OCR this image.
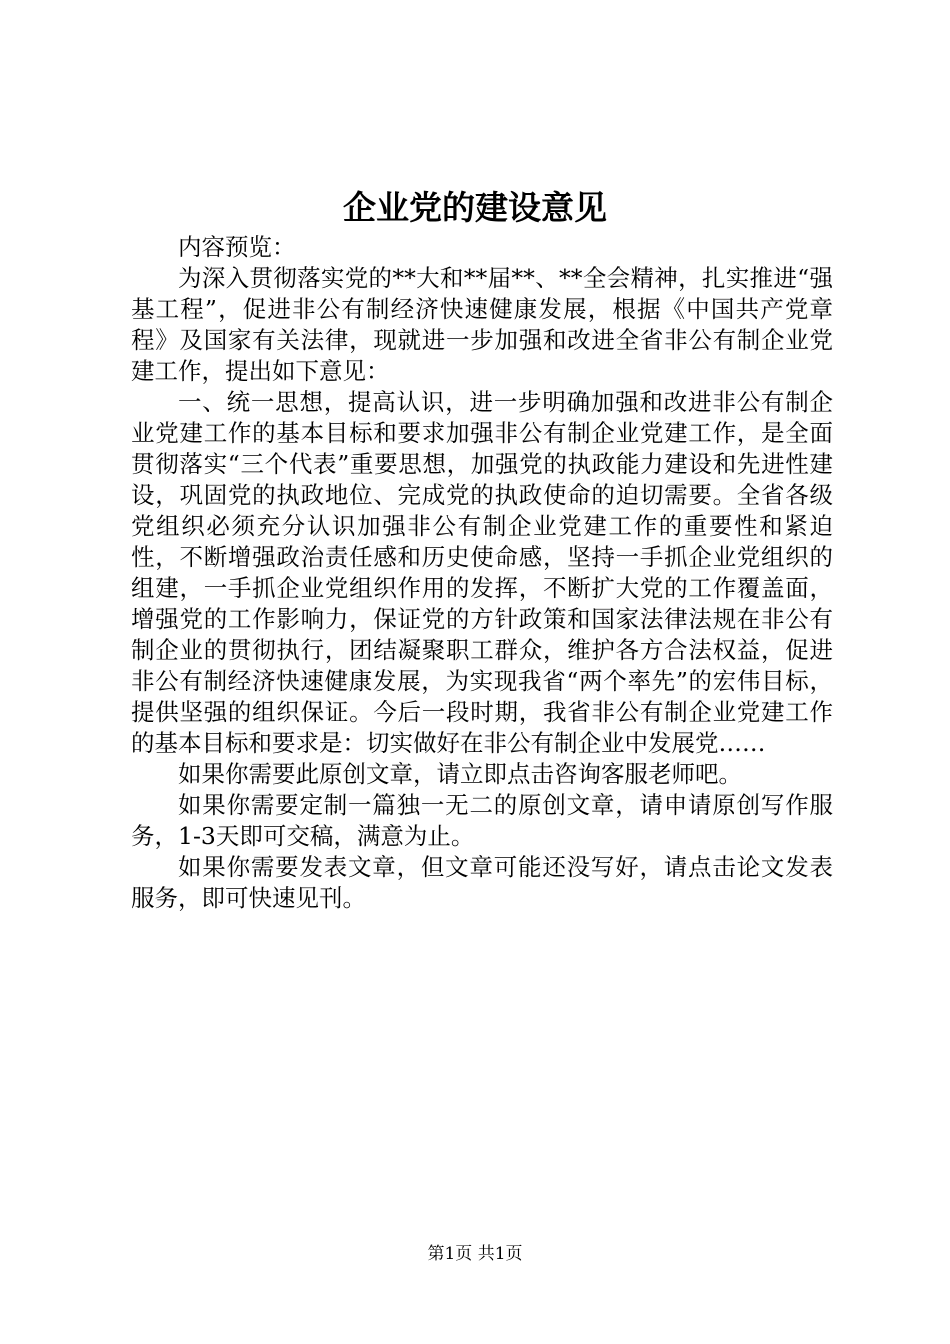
企业党的建设意见

内容预览：

为深入贯彻落实党的**大和**届**、**全会精神，扎实推进“强基工程”，促进非公有制经济快速健康发展，根据《中国共产党章程》及国家有关法律，现就进一步加强和改进全省非公有制企业党建工作，提出如下意见：

一、统一思想，提高认识，进一步明确加强和改进非公有制企业党建工作的基本目标和要求加强非公有制企业党建工作，是全面贯彻落实“三个代表”重要思想，加强党的执政能力建设和先进性建设，巩固党的执政地位、完成党的执政使命的迫切需要。全省各级党组织必须充分认识加强非公有制企业党建工作的重要性和紧迫性，不断增强政治责任感和历史使命感，坚持一手抓企业党组织的组建，一手抓企业党组织作用的发挥，不断扩大党的工作覆盖面，增强党的工作影响力，保证党的方针政策和国家法律法规在非公有制企业的贯彻执行，团结凝聚职工群众，维护各方合法权益，促进非公有制经济快速健康发展，为实现我省“两个率先”的宏伟目标，提供坚强的组织保证。今后一段时期，我省非公有制企业党建工作的基本目标和要求是：切实做好在非公有制企业中发展党……

如果你需要此原创文章，请立即点击咨询客服老师吧。

如果你需要定制一篇独一无二的原创文章，请申请原创写作服务，1-3天即可交稿，满意为止。

如果你需要发表文章，但文章可能还没写好，请点击论文发表服务，即可快速见刊。

第1页 共1页
